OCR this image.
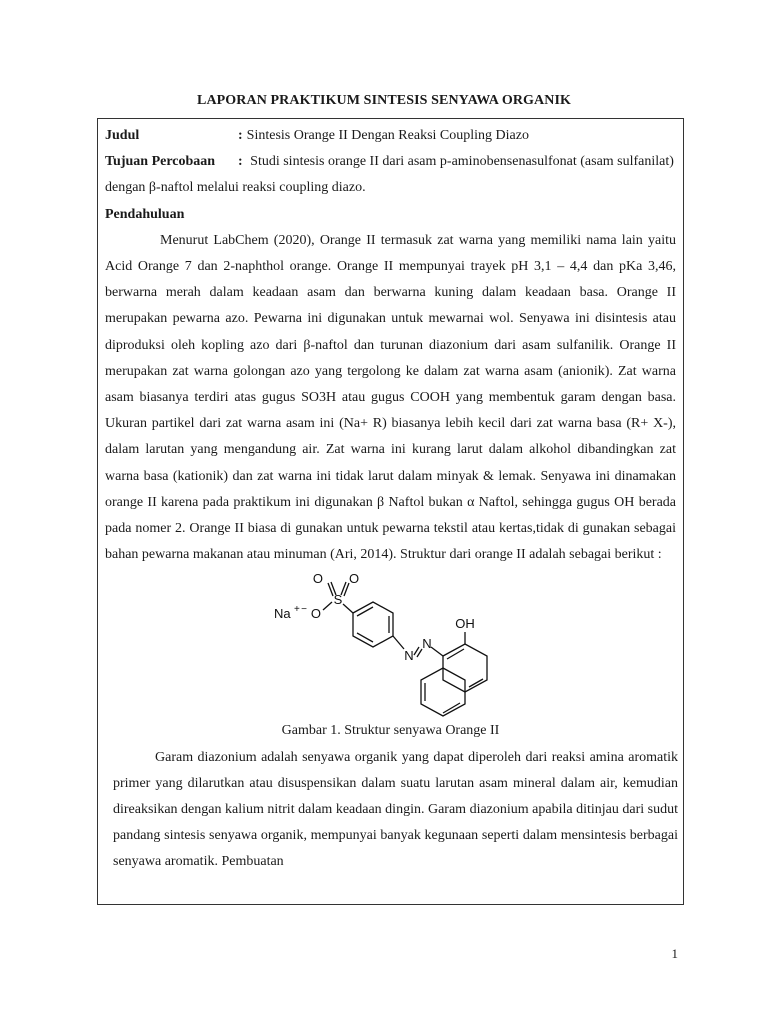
LAPORAN PRAKTIKUM SINTESIS SENYAWA ORGANIK
Judul	: Sintesis Orange II Dengan Reaksi Coupling Diazo
Tujuan Percobaan : Studi sintesis orange II dari asam p-aminobensenasulfonat (asam sulfanilat) dengan β-naftol melalui reaksi coupling diazo.
Pendahuluan

Menurut LabChem (2020), Orange II termasuk zat warna yang memiliki nama lain yaitu Acid Orange 7 dan 2-naphthol orange. Orange II mempunyai trayek pH 3,1 – 4,4 dan pKa 3,46, berwarna merah dalam keadaan asam dan berwarna kuning dalam keadaan basa. Orange II merupakan pewarna azo. Pewarna ini digunakan untuk mewarnai wol. Senyawa ini disintesis atau diproduksi oleh kopling azo dari β-naftol dan turunan diazonium dari asam sulfanilik. Orange II merupakan zat warna golongan azo yang tergolong ke dalam zat warna asam (anionik). Zat warna asam biasanya terdiri atas gugus SO3H atau gugus COOH yang membentuk garam dengan basa. Ukuran partikel dari zat warna asam ini (Na+ R) biasanya lebih kecil dari zat warna basa (R+ X-), dalam larutan yang mengandung air. Zat warna ini kurang larut dalam alkohol dibandingkan zat warna basa (kationik) dan zat warna ini tidak larut dalam minyak & lemak. Senyawa ini dinamakan orange II karena pada praktikum ini digunakan β Naftol bukan α Naftol, sehingga gugus OH berada pada nomer 2. Orange II biasa di gunakan untuk pewarna tekstil atau kertas,tidak di gunakan sebagai bahan pewarna makanan atau minuman (Ari, 2014). Struktur dari orange II adalah sebagai berikut :

O O
S
O
−
Na +
N
N
OH
Gambar 1. Struktur senyawa Orange II

Garam diazonium adalah senyawa organik yang dapat diperoleh dari reaksi amina aromatik primer yang dilarutkan atau disuspensikan dalam suatu larutan asam mineral dalam air, kemudian direaksikan dengan kalium nitrit dalam keadaan dingin. Garam diazonium apabila ditinjau dari sudut pandang sintesis senyawa organik, mempunyai banyak kegunaan seperti dalam mensintesis berbagai senyawa aromatik. Pembuatan

1
